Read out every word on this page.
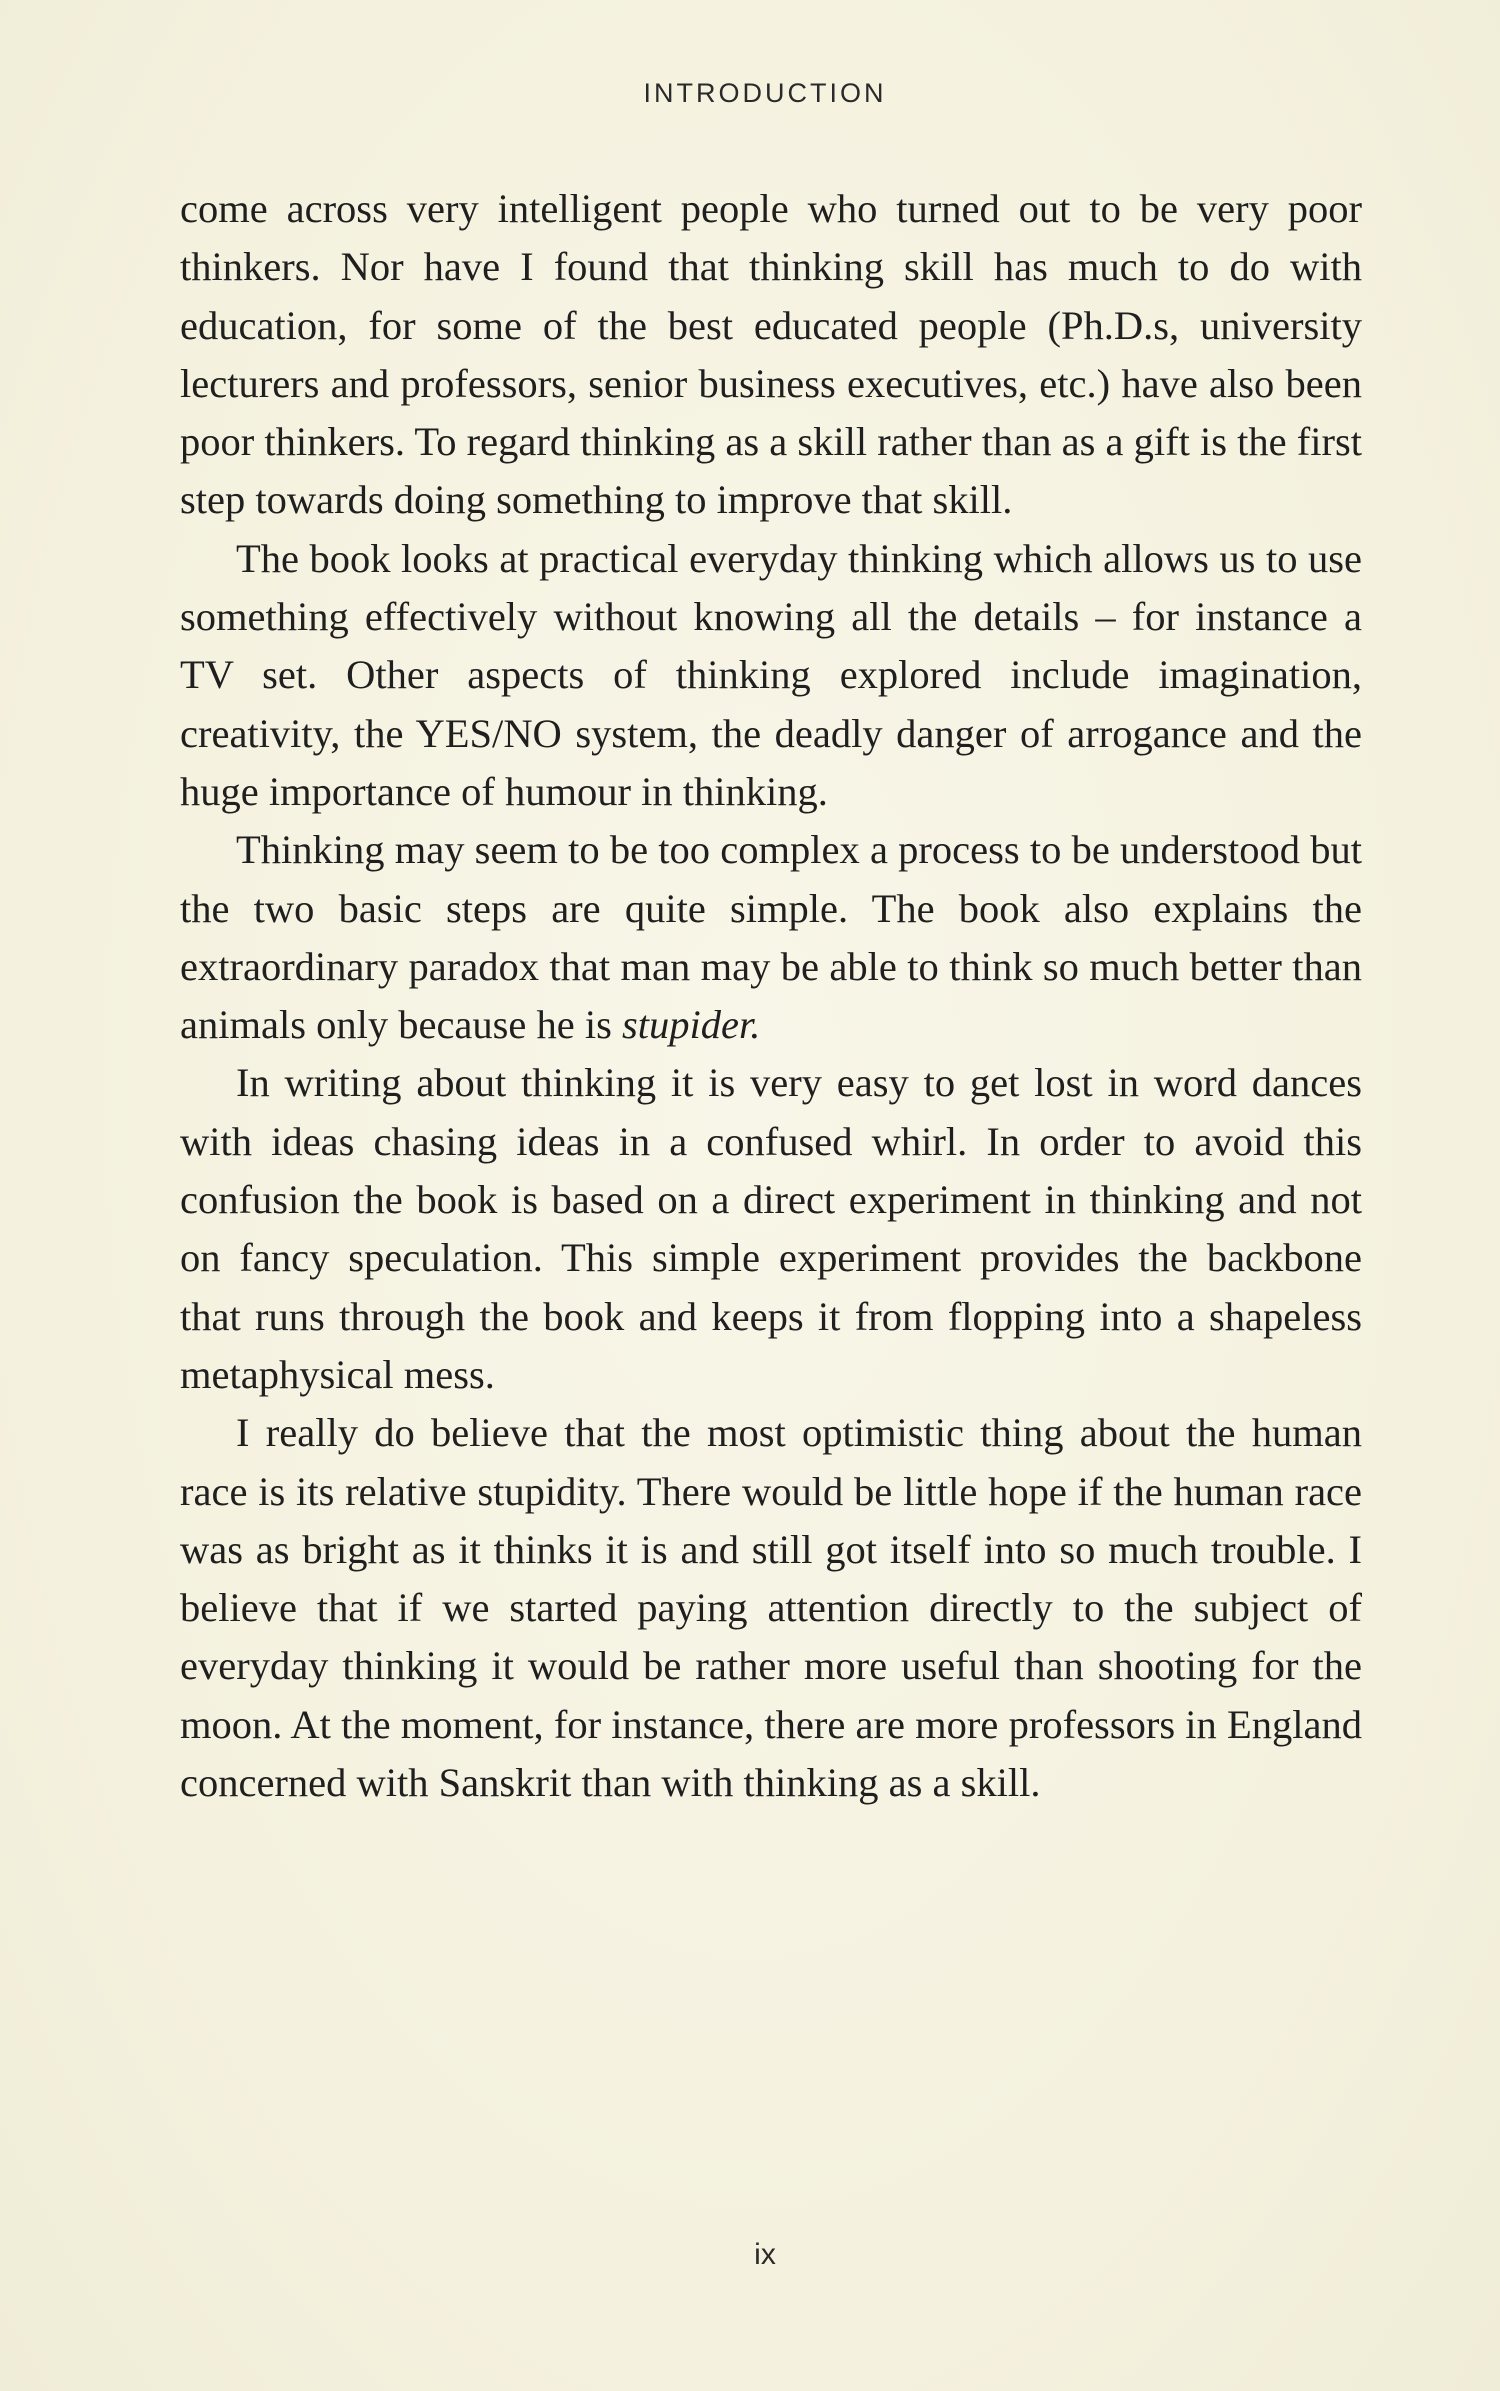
INTRODUCTION

come across very intelligent people who turned out to be very poor thinkers. Nor have I found that thinking skill has much to do with education, for some of the best educated people (Ph.D.s, university lecturers and professors, senior business executives, etc.) have also been poor thinkers. To regard thinking as a skill rather than as a gift is the first step towards doing something to improve that skill.

The book looks at practical everyday thinking which allows us to use something effectively without knowing all the details – for instance a TV set. Other aspects of thinking explored include imagination, creativity, the YES/NO system, the deadly danger of arrogance and the huge importance of humour in thinking.

Thinking may seem to be too complex a process to be understood but the two basic steps are quite simple. The book also explains the extraordinary paradox that man may be able to think so much better than animals only because he is stupider.

In writing about thinking it is very easy to get lost in word dances with ideas chasing ideas in a confused whirl. In order to avoid this confusion the book is based on a direct experiment in thinking and not on fancy speculation. This simple experiment provides the backbone that runs through the book and keeps it from flopping into a shapeless metaphysical mess.

I really do believe that the most optimistic thing about the human race is its relative stupidity. There would be little hope if the human race was as bright as it thinks it is and still got itself into so much trouble. I believe that if we started paying attention directly to the subject of everyday thinking it would be rather more useful than shooting for the moon. At the moment, for instance, there are more professors in England concerned with Sanskrit than with thinking as a skill.

ix
